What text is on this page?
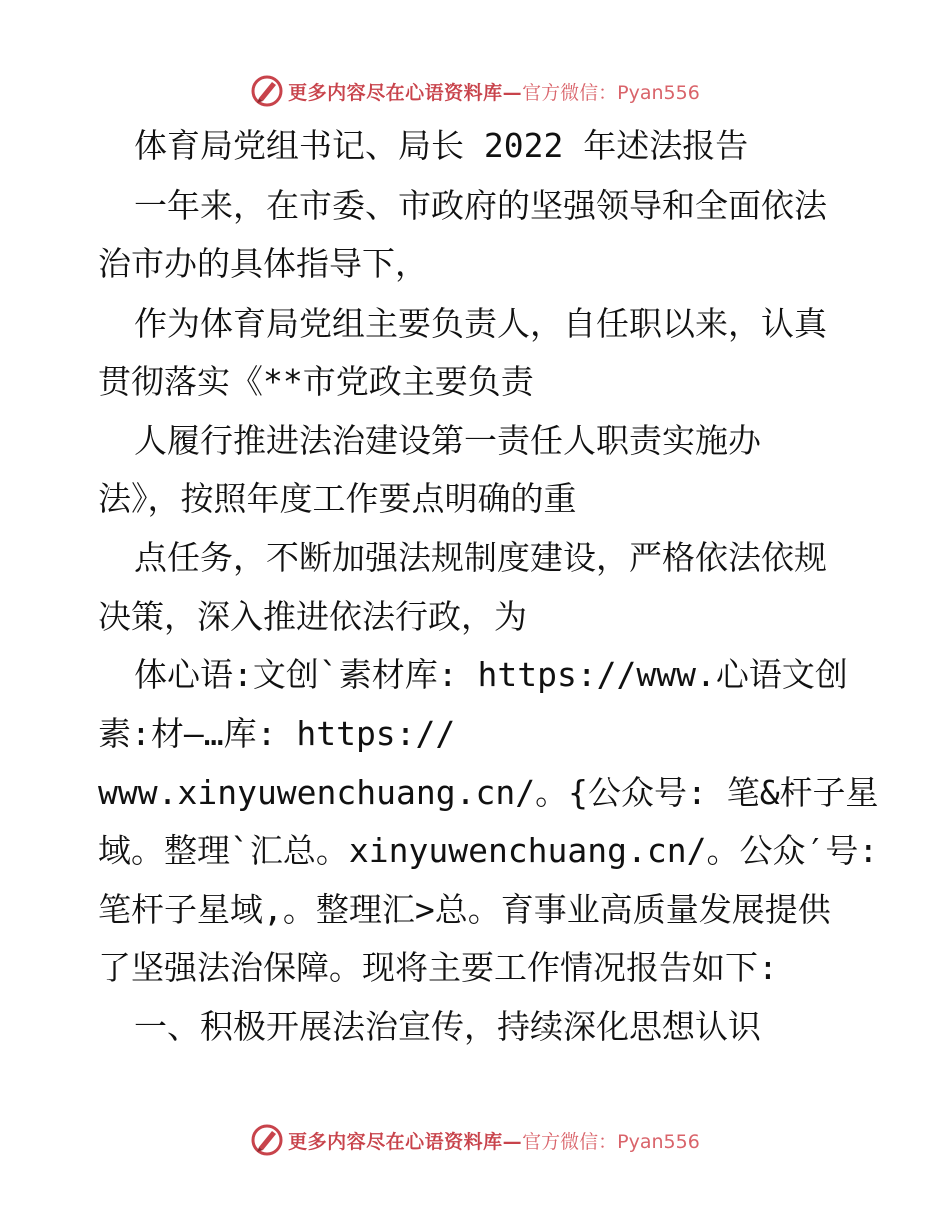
更多内容尽在心语资料库— 官方微信：Pyan556
体育局党组书记、局长 2022 年述法报告
一年来，在市委、市政府的坚强领导和全面依法
治市办的具体指导下，
作为体育局党组主要负责人，自任职以来，认真
贯彻落实《**市党政主要负责
人履行推进法治建设第一责任人职责实施办
法》，按照年度工作要点明确的重
点任务，不断加强法规制度建设，严格依法依规
决策，深入推进依法行政，为
体心语:文创`素材库: https://www.心语文创
素:材—…库: https://
www.xinyuwenchuang.cn/。{公众号: 笔&杆子星
域。整理`汇总。xinyuwenchuang.cn/。公众′号:
笔杆子星域,。整理汇>总。育事业高质量发展提供
了坚强法治保障。现将主要工作情况报告如下:
一、积极开展法治宣传，持续深化思想认识
更多内容尽在心语资料库— 官方微信：Pyan556
